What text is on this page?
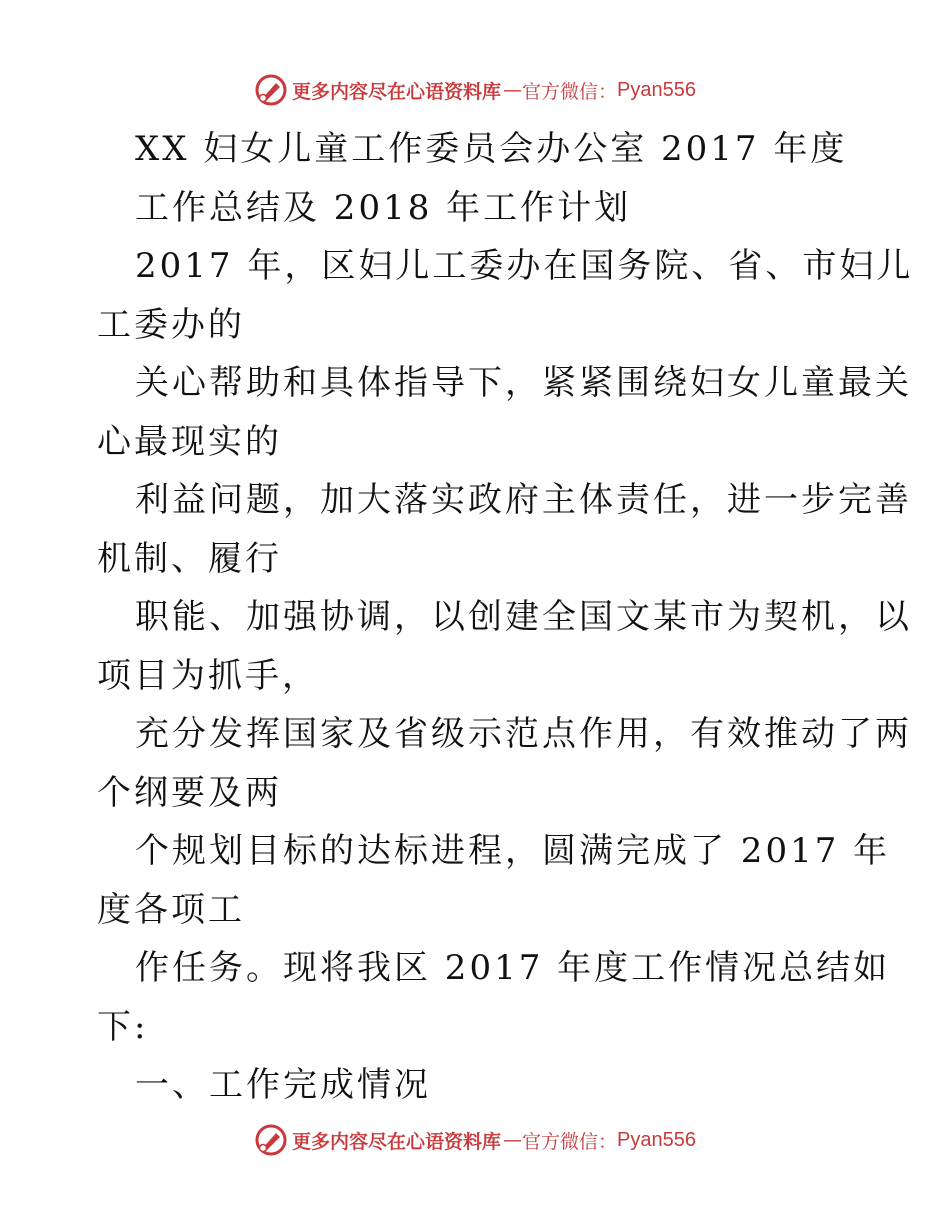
更多内容尽在心语资料库 — 官方微信： Pyan556
XX 妇女儿童工作委员会办公室 2017 年度
工作总结及 2018 年工作计划
2017 年，区妇儿工委办在国务院、省、市妇儿
工委办的
关心帮助和具体指导下，紧紧围绕妇女儿童最关
心最现实的
利益问题，加大落实政府主体责任，进一步完善
机制、履行
职能、加强协调，以创建全国文某市为契机，以
项目为抓手，
充分发挥国家及省级示范点作用，有效推动了两
个纲要及两
个规划目标的达标进程，圆满完成了 2017 年
度各项工
作任务。现将我区 2017 年度工作情况总结如
下:
一、工作完成情况
更多内容尽在心语资料库 — 官方微信： Pyan556
